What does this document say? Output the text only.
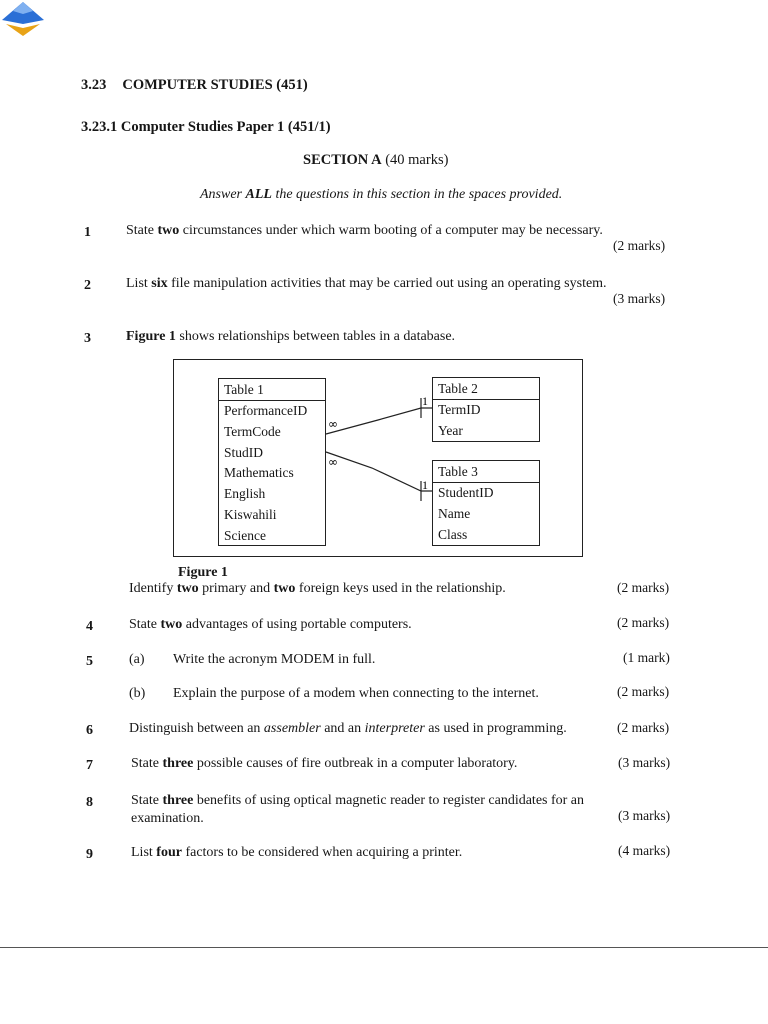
3.23 COMPUTER STUDIES (451)
3.23.1 Computer Studies Paper 1 (451/1)
SECTION A (40 marks)
Answer ALL the questions in this section in the spaces provided.
1	State two circumstances under which warm booting of a computer may be necessary.
(2 marks)
2	List six file manipulation activities that may be carried out using an operating system.
(3 marks)
3	Figure 1 shows relationships between tables in a database.
Table 1
PerformanceID
TermCode
StudID
Mathematics
English
Kiswahili
Science
Table 2
TermID
Year
Table 3
StudentID
Name
Class
∞
∞
1
1
Figure 1
Identify two primary and two foreign keys used in the relationship.	(2 marks)
4	State two advantages of using portable computers.	(2 marks)
5	(a) Write the acronym MODEM in full.	(1 mark)
(b) Explain the purpose of a modem when connecting to the internet.	(2 marks)
6	Distinguish between an assembler and an interpreter as used in programming.	(2 marks)
7	State three possible causes of fire outbreak in a computer laboratory.	(3 marks)
8	State three benefits of using optical magnetic reader to register candidates for an
examination.	(3 marks)
9	List four factors to be considered when acquiring a printer.	(4 marks)
